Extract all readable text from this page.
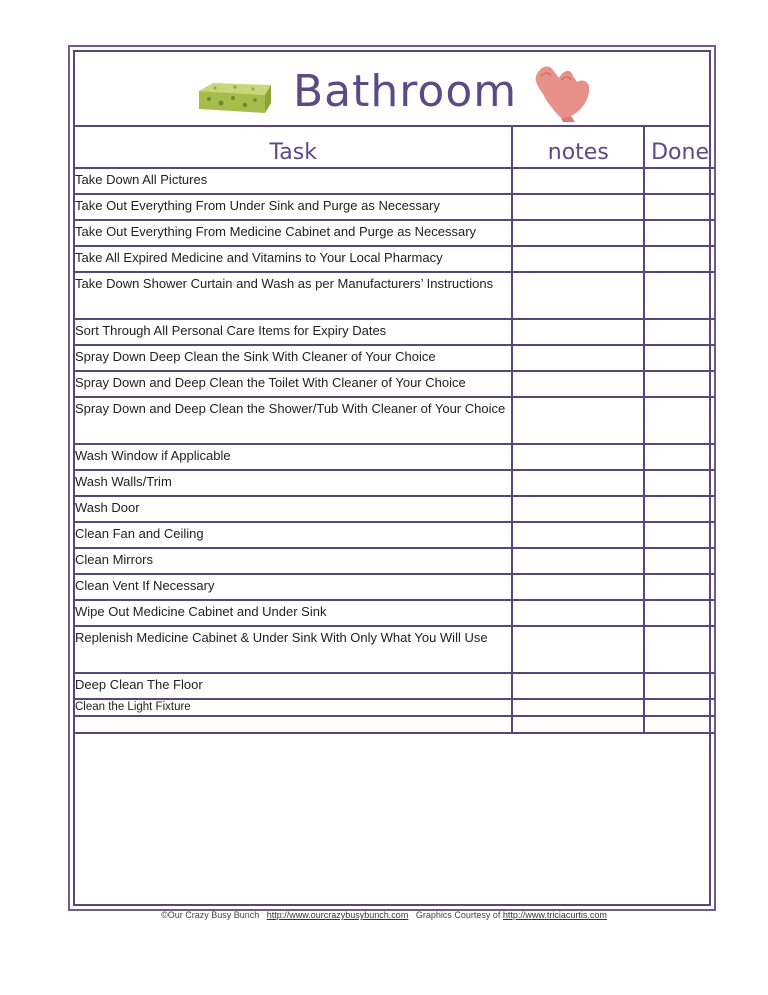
Bathroom
Task	notes	Done
Take Down All Pictures		
Take Out Everything From Under Sink and Purge as Necessary		
Take Out Everything From Medicine Cabinet and Purge as Necessary		
Take All Expired Medicine and Vitamins to Your Local Pharmacy		
Take Down Shower Curtain and Wash as per Manufacturers’ Instructions		
Sort Through All Personal Care Items for Expiry Dates		
Spray Down Deep Clean the Sink With Cleaner of Your Choice		
Spray Down and Deep Clean the Toilet With Cleaner of Your Choice		
Spray Down and Deep Clean the Shower/Tub With Cleaner of Your Choice		
Wash Window if Applicable		
Wash Walls/Trim		
Wash Door		
Clean Fan and Ceiling		
Clean Mirrors		
Clean Vent If Necessary		
Wipe Out Medicine Cabinet and Under Sink		
Replenish Medicine Cabinet & Under Sink With Only What You Will Use		
Deep Clean The Floor		
Clean the Light Fixture		

©Our Crazy Busy Bunch http://www.ourcrazybusybunch.com Graphics Courtesy of http://www.triciacurtis.com
